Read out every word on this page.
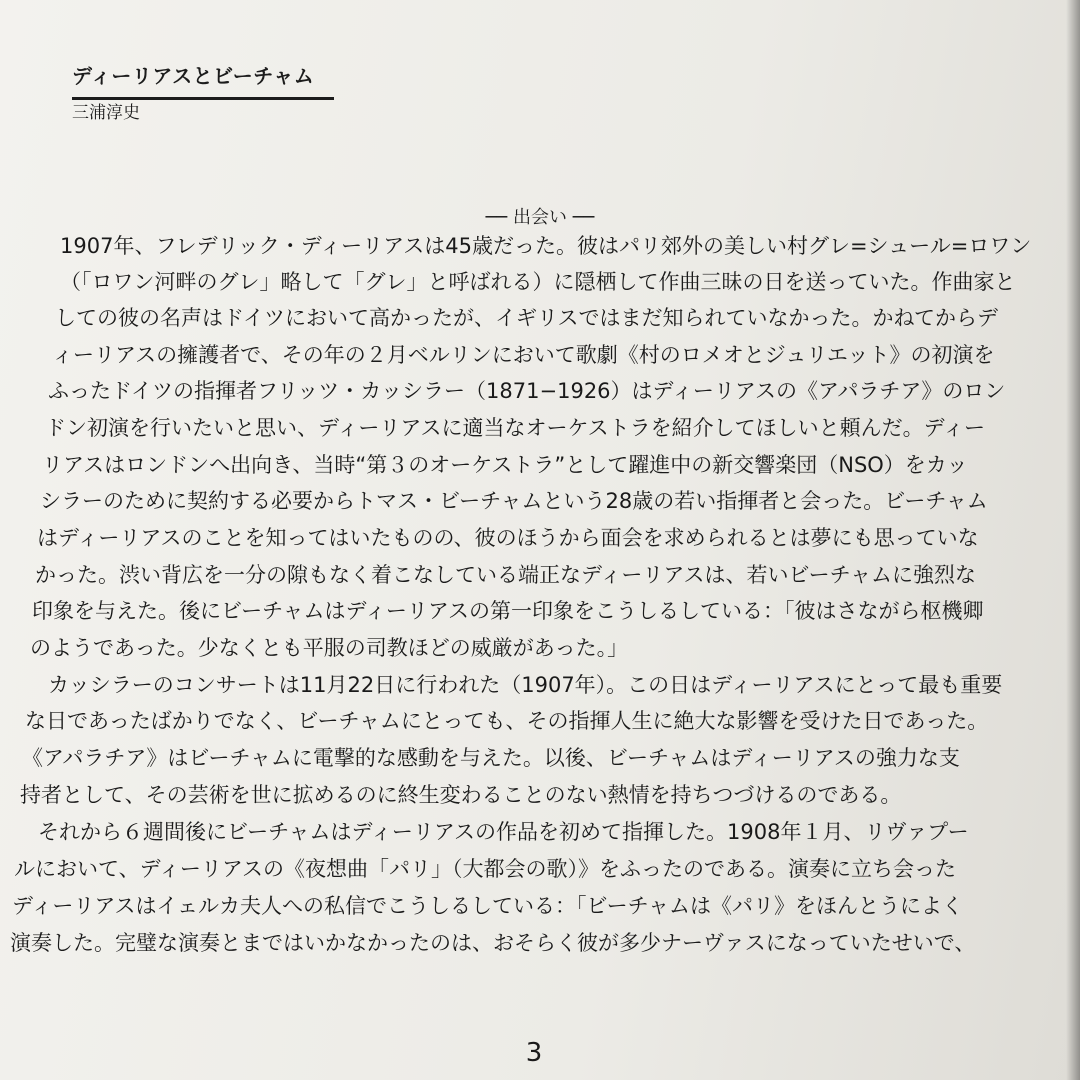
ディーリアスとビーチャム
三浦淳史
── 出会い ──
1907年、フレデリック・ディーリアスは45歳だった。彼はパリ郊外の美しい村グレ=シュール=ロワン
（「ロワン河畔のグレ」略して「グレ」と呼ばれる）に隠栖して作曲三昧の日を送っていた。作曲家と
しての彼の名声はドイツにおいて高かったが、イギリスではまだ知られていなかった。かねてからデ
ィーリアスの擁護者で、その年の２月ベルリンにおいて歌劇《村のロメオとジュリエット》の初演を
ふったドイツの指揮者フリッツ・カッシラー（1871−1926）はディーリアスの《アパラチア》のロン
ドン初演を行いたいと思い、ディーリアスに適当なオーケストラを紹介してほしいと頼んだ。ディー
リアスはロンドンへ出向き、当時“第３のオーケストラ”として躍進中の新交響楽団（NSO）をカッ
シラーのために契約する必要からトマス・ビーチャムという28歳の若い指揮者と会った。ビーチャム
はディーリアスのことを知ってはいたものの、彼のほうから面会を求められるとは夢にも思っていな
かった。渋い背広を一分の隙もなく着こなしている端正なディーリアスは、若いビーチャムに強烈な
印象を与えた。後にビーチャムはディーリアスの第一印象をこうしるしている：「彼はさながら枢機卿
のようであった。少なくとも平服の司教ほどの威厳があった。」
　カッシラーのコンサートは11月22日に行われた（1907年）。この日はディーリアスにとって最も重要
な日であったばかりでなく、ビーチャムにとっても、その指揮人生に絶大な影響を受けた日であった。
《アパラチア》はビーチャムに電撃的な感動を与えた。以後、ビーチャムはディーリアスの強力な支
持者として、その芸術を世に拡めるのに終生変わることのない熱情を持ちつづけるのである。
　それから６週間後にビーチャムはディーリアスの作品を初めて指揮した。1908年１月、リヴァプー
ルにおいて、ディーリアスの《夜想曲「パリ」（大都会の歌）》をふったのである。演奏に立ち会った
ディーリアスはイェルカ夫人への私信でこうしるしている：「ビーチャムは《パリ》をほんとうによく
演奏した。完璧な演奏とまではいかなかったのは、おそらく彼が多少ナーヴァスになっていたせいで、
3
